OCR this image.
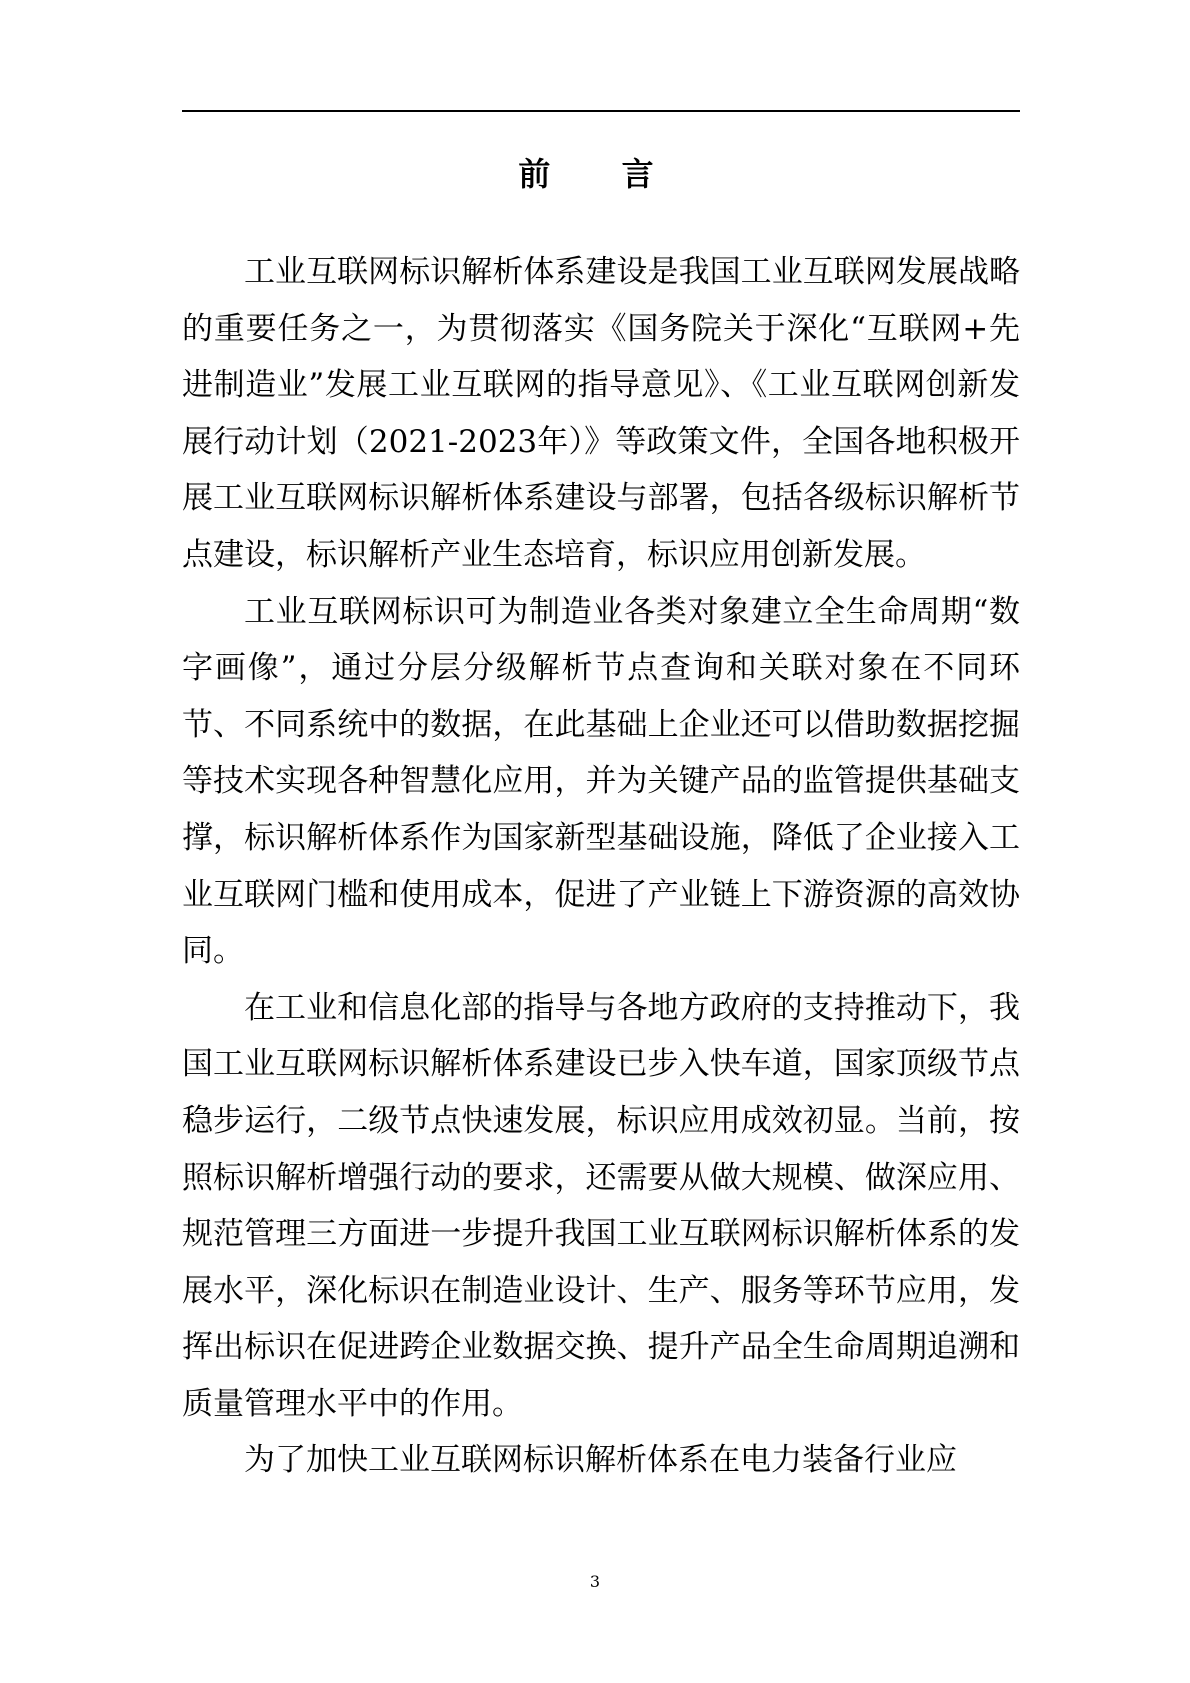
前 言

工业互联网标识解析体系建设是我国工业互联网发展战略的重要任务之一，为贯彻落实《国务院关于深化“互联网+先进制造业”发展工业互联网的指导意见》、《工业互联网创新发展行动计划（2021-2023年）》等政策文件，全国各地积极开展工业互联网标识解析体系建设与部署，包括各级标识解析节点建设，标识解析产业生态培育，标识应用创新发展。

工业互联网标识可为制造业各类对象建立全生命周期“数字画像”，通过分层分级解析节点查询和关联对象在不同环节、不同系统中的数据，在此基础上企业还可以借助数据挖掘等技术实现各种智慧化应用，并为关键产品的监管提供基础支撑，标识解析体系作为国家新型基础设施，降低了企业接入工业互联网门槛和使用成本，促进了产业链上下游资源的高效协同。

在工业和信息化部的指导与各地方政府的支持推动下，我国工业互联网标识解析体系建设已步入快车道，国家顶级节点稳步运行，二级节点快速发展，标识应用成效初显。当前，按照标识解析增强行动的要求，还需要从做大规模、做深应用、规范管理三方面进一步提升我国工业互联网标识解析体系的发展水平，深化标识在制造业设计、生产、服务等环节应用，发挥出标识在促进跨企业数据交换、提升产品全生命周期追溯和质量管理水平中的作用。

为了加快工业互联网标识解析体系在电力装备行业应

3
